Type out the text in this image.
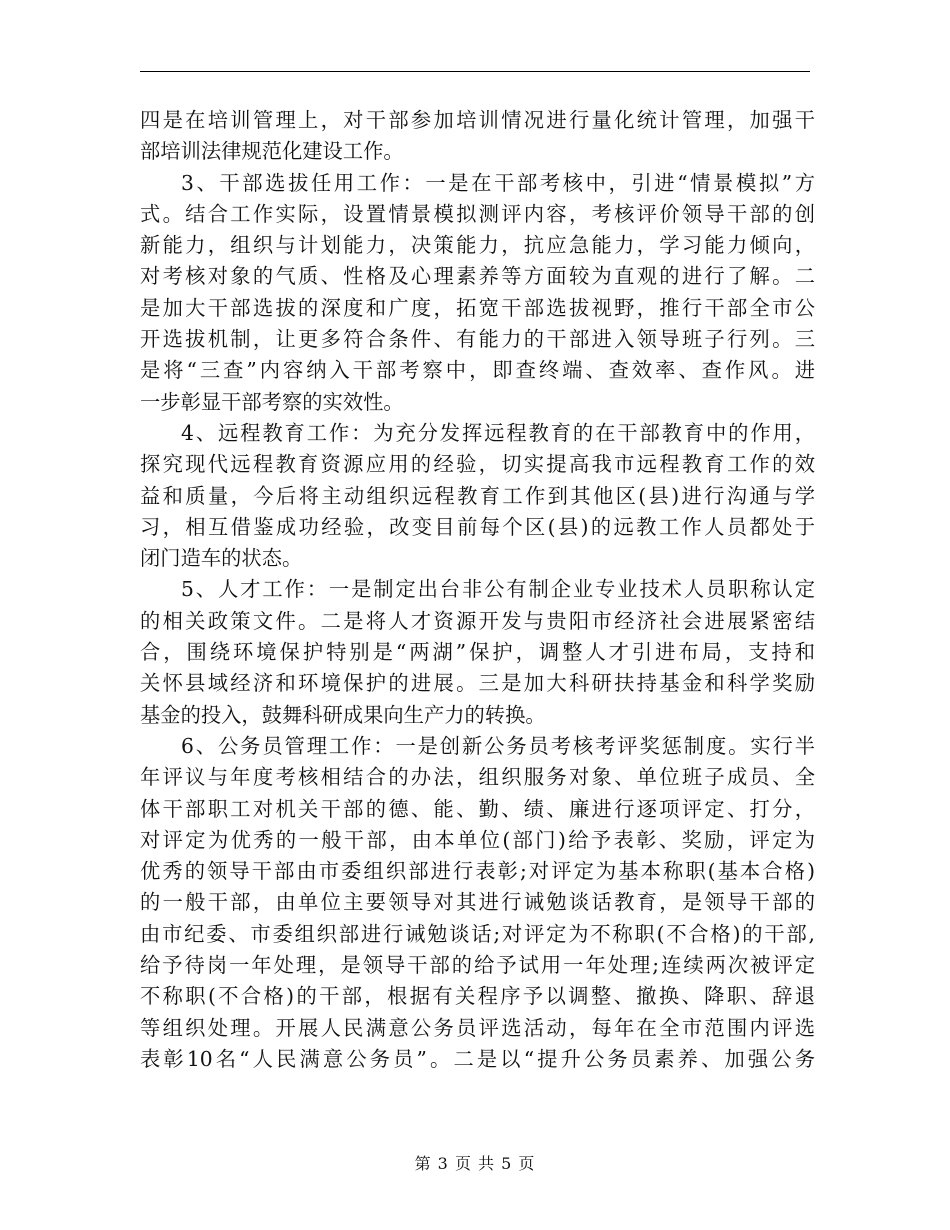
四是在培训管理上，对干部参加培训情况进行量化统计管理，加强干
部培训法律规范化建设工作。
3、干部选拔任用工作：一是在干部考核中，引进“情景模拟”方
式。结合工作实际，设置情景模拟测评内容，考核评价领导干部的创
新能力，组织与计划能力，决策能力，抗应急能力，学习能力倾向，
对考核对象的气质、性格及心理素养等方面较为直观的进行了解。二
是加大干部选拔的深度和广度，拓宽干部选拔视野，推行干部全市公
开选拔机制，让更多符合条件、有能力的干部进入领导班子行列。三
是将“三查”内容纳入干部考察中，即查终端、查效率、查作风。进
一步彰显干部考察的实效性。
4、远程教育工作：为充分发挥远程教育的在干部教育中的作用，
探究现代远程教育资源应用的经验，切实提高我市远程教育工作的效
益和质量，今后将主动组织远程教育工作到其他区(县)进行沟通与学
习，相互借鉴成功经验，改变目前每个区(县)的远教工作人员都处于
闭门造车的状态。
5、人才工作：一是制定出台非公有制企业专业技术人员职称认定
的相关政策文件。二是将人才资源开发与贵阳市经济社会进展紧密结
合，围绕环境保护特别是“两湖”保护，调整人才引进布局，支持和
关怀县域经济和环境保护的进展。三是加大科研扶持基金和科学奖励
基金的投入，鼓舞科研成果向生产力的转换。
6、公务员管理工作：一是创新公务员考核考评奖惩制度。实行半
年评议与年度考核相结合的办法，组织服务对象、单位班子成员、全
体干部职工对机关干部的德、能、勤、绩、廉进行逐项评定、打分，
对评定为优秀的一般干部，由本单位(部门)给予表彰、奖励，评定为
优秀的领导干部由市委组织部进行表彰;对评定为基本称职(基本合格)
的一般干部，由单位主要领导对其进行诫勉谈话教育，是领导干部的
由市纪委、市委组织部进行诫勉谈话;对评定为不称职(不合格)的干部,
给予待岗一年处理，是领导干部的给予试用一年处理;连续两次被评定
不称职(不合格)的干部，根据有关程序予以调整、撤换、降职、辞退
等组织处理。开展人民满意公务员评选活动，每年在全市范围内评选
表彰10名“人民满意公务员”。二是以“提升公务员素养、加强公务
第 3 页 共 5 页
